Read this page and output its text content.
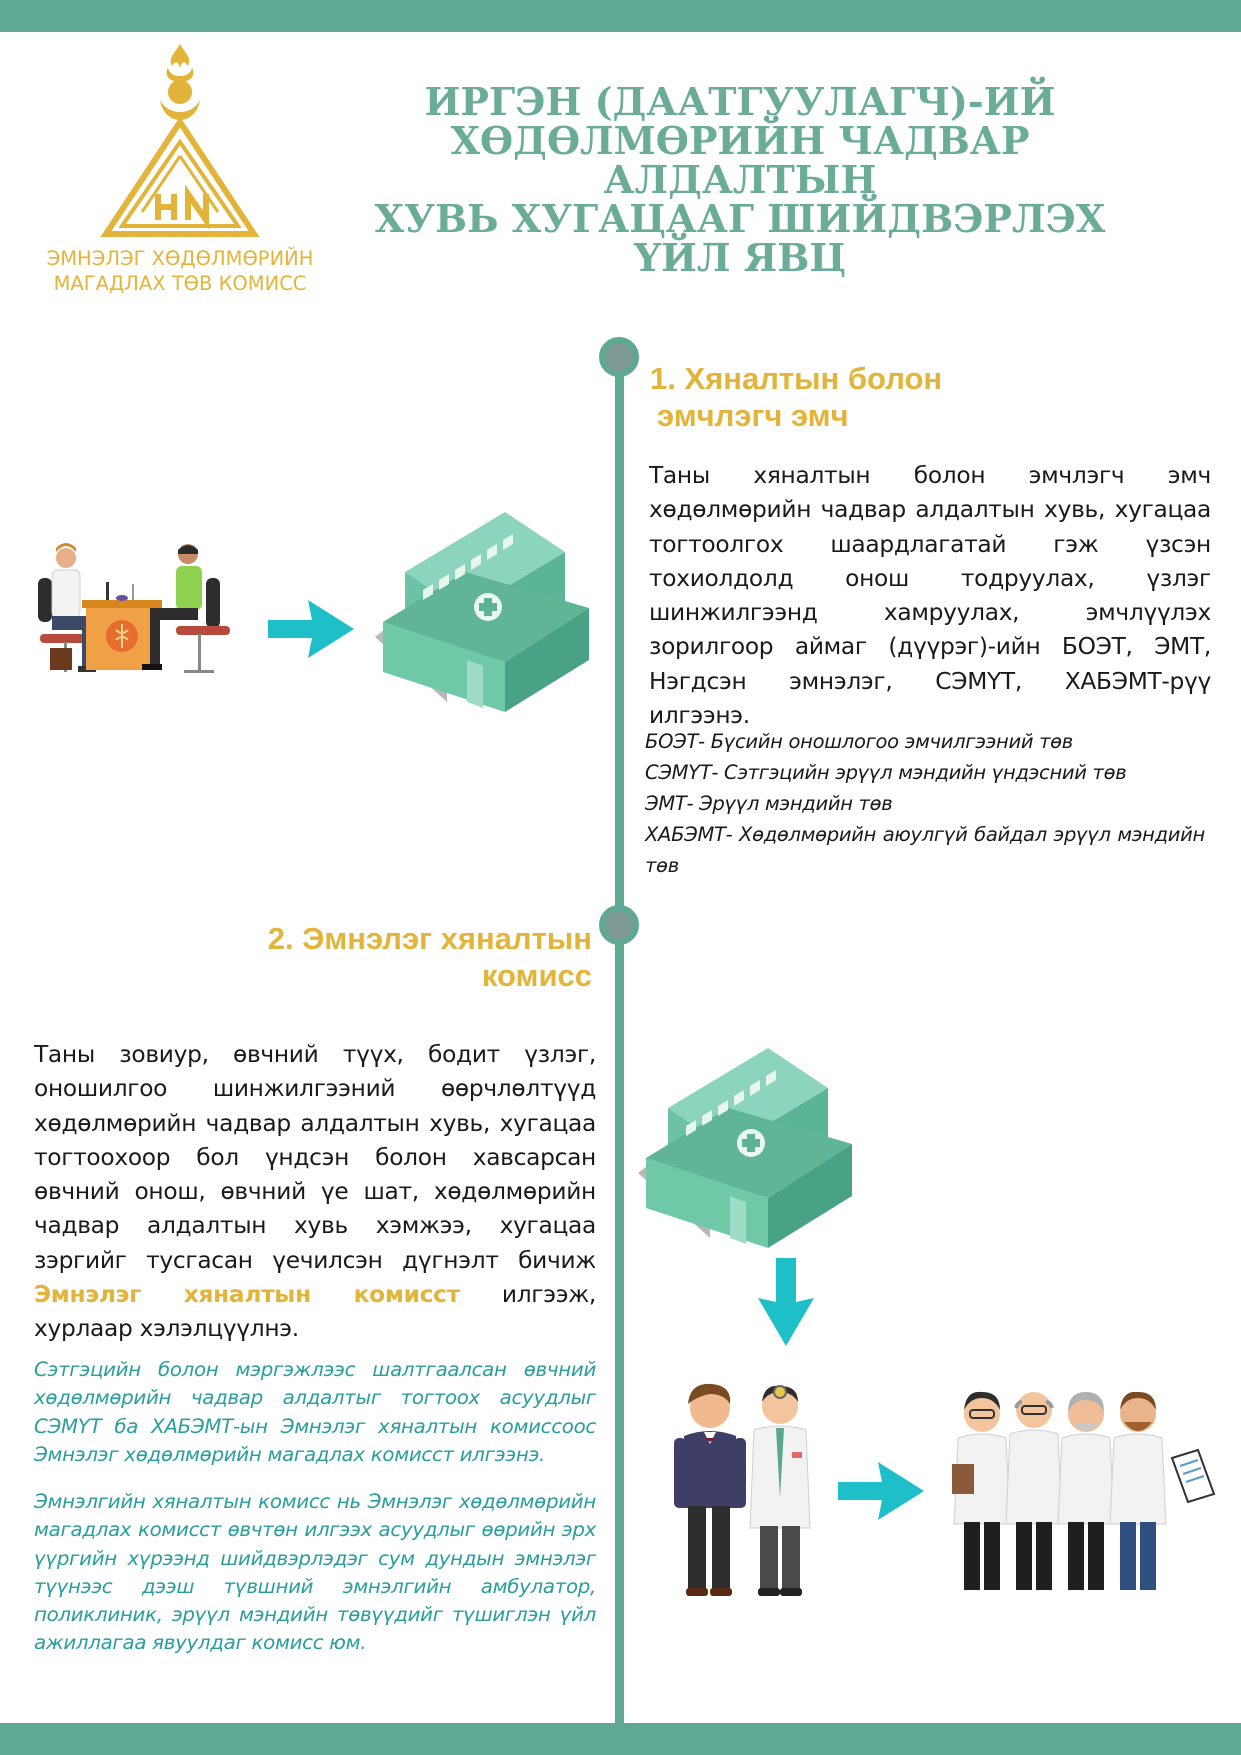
ЭМНЭЛЭГ ХӨДӨЛМӨРИЙН
МАГАДЛАХ ТӨВ КОМИСС
ИРГЭН (ДААТГУУЛАГЧ)-ИЙ
ХӨДӨЛМӨРИЙН ЧАДВАР АЛДАЛТЫН
ХУВЬ ХУГАЦААГ ШИЙДВЭРЛЭХ
ҮЙЛ ЯВЦ
1. Хяналтын болон
эмчлэгч эмч

Таны хяналтын болон эмчлэгч эмч хөдөлмөрийн чадвар алдалтын хувь, хугацаа тогтоолгох шаардлагатай гэж үзсэн тохиолдолд онош тодруулах, үзлэг шинжилгээнд хамруулах, эмчлүүлэх зорилгоор аймаг (дүүрэг)-ийн БОЭТ, ЭМТ, Нэгдсэн эмнэлэг, СЭМҮТ, ХАБЭМТ-рүү илгээнэ.

БОЭТ- Бүсийн оношлогоо эмчилгээний төв
СЭМҮТ- Сэтгэцийн эрүүл мэндийн үндэсний төв
ЭМТ- Эрүүл мэндийн төв
ХАБЭМТ- Хөдөлмөрийн аюулгүй байдал эрүүл мэндийн төв
2. Эмнэлэг хяналтын
комисс

Таны зовиур, өвчний түүх, бодит үзлэг, оношилгоо шинжилгээний өөрчлөлтүүд хөдөлмөрийн чадвар алдалтын хувь, хугацаа тогтоохоор бол үндсэн болон хавсарсан өвчний онош, өвчний үе шат, хөдөлмөрийн чадвар алдалтын хувь хэмжээ, хугацаа зэргийг тусгасан үечилсэн дүгнэлт бичиж Эмнэлэг хяналтын комисст илгээж, хурлаар хэлэлцүүлнэ.

Сэтгэцийн болон мэргэжлээс шалтгаалсан өвчний хөдөлмөрийн чадвар алдалтыг тогтоох асуудлыг СЭМҮТ ба ХАБЭМТ-ын Эмнэлэг хяналтын комиссоос Эмнэлэг хөдөлмөрийн магадлах комисст илгээнэ.

Эмнэлгийн хяналтын комисс нь Эмнэлэг хөдөлмөрийн магадлах комисст өвчтөн илгээх асуудлыг өөрийн эрх үүргийн хүрээнд шийдвэрлэдэг сум дундын эмнэлэг түүнээс дээш түвшний эмнэлгийн амбулатор, поликлиник, эрүүл мэндийн төвүүдийг түшиглэн үйл ажиллагаа явуулдаг комисс юм.
